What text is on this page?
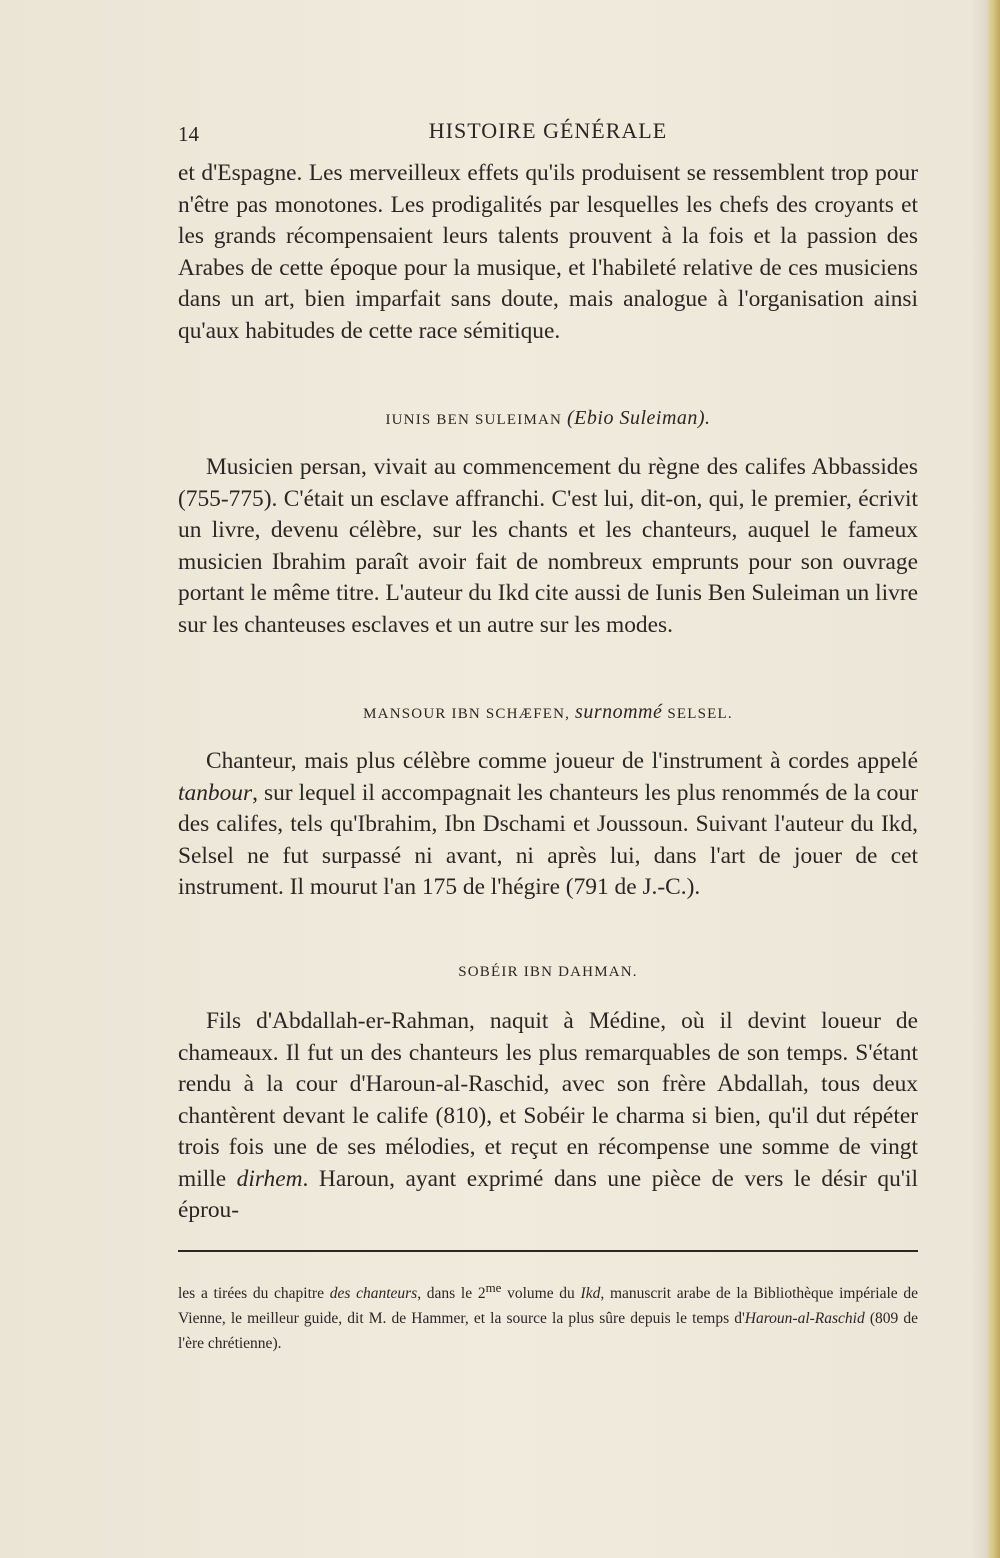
14	HISTOIRE GÉNÉRALE

et d'Espagne. Les merveilleux effets qu'ils produisent se ressemblent trop pour n'être pas monotones. Les prodigalités par lesquelles les chefs des croyants et les grands récompensaient leurs talents prouvent à la fois et la passion des Arabes de cette époque pour la musique, et l'habileté relative de ces musiciens dans un art, bien imparfait sans doute, mais analogue à l'organisation ainsi qu'aux habitudes de cette race sémitique.

IUNIS BEN SULEIMAN (Ebio Suleiman).

Musicien persan, vivait au commencement du règne des califes Abbassides (755-775). C'était un esclave affranchi. C'est lui, dit-on, qui, le premier, écrivit un livre, devenu célèbre, sur les chants et les chanteurs, auquel le fameux musicien Ibrahim paraît avoir fait de nombreux emprunts pour son ouvrage portant le même titre. L'auteur du Ikd cite aussi de Iunis Ben Suleiman un livre sur les chanteuses esclaves et un autre sur les modes.

MANSOUR IBN SCHÆFEN, surnommé SELSEL.

Chanteur, mais plus célèbre comme joueur de l'instrument à cordes appelé tanbour, sur lequel il accompagnait les chanteurs les plus renommés de la cour des califes, tels qu'Ibrahim, Ibn Dschami et Joussoun. Suivant l'auteur du Ikd, Selsel ne fut surpassé ni avant, ni après lui, dans l'art de jouer de cet instrument. Il mourut l'an 175 de l'hégire (791 de J.-C.).

SOBÉIR IBN DAHMAN.

Fils d'Abdallah-er-Rahman, naquit à Médine, où il devint loueur de chameaux. Il fut un des chanteurs les plus remarquables de son temps. S'étant rendu à la cour d'Haroun-al-Raschid, avec son frère Abdallah, tous deux chantèrent devant le calife (810), et Sobéir le charma si bien, qu'il dut répéter trois fois une de ses mélodies, et reçut en récompense une somme de vingt mille dirhem. Haroun, ayant exprimé dans une pièce de vers le désir qu'il éprou-

les a tirées du chapitre des chanteurs, dans le $2^{me}$ volume du Ikd, manuscrit arabe de la Bibliothèque impériale de Vienne, le meilleur guide, dit M. de Hammer, et la source la plus sûre depuis le temps d'Haroun-al-Raschid (809 de l'ère chrétienne).
